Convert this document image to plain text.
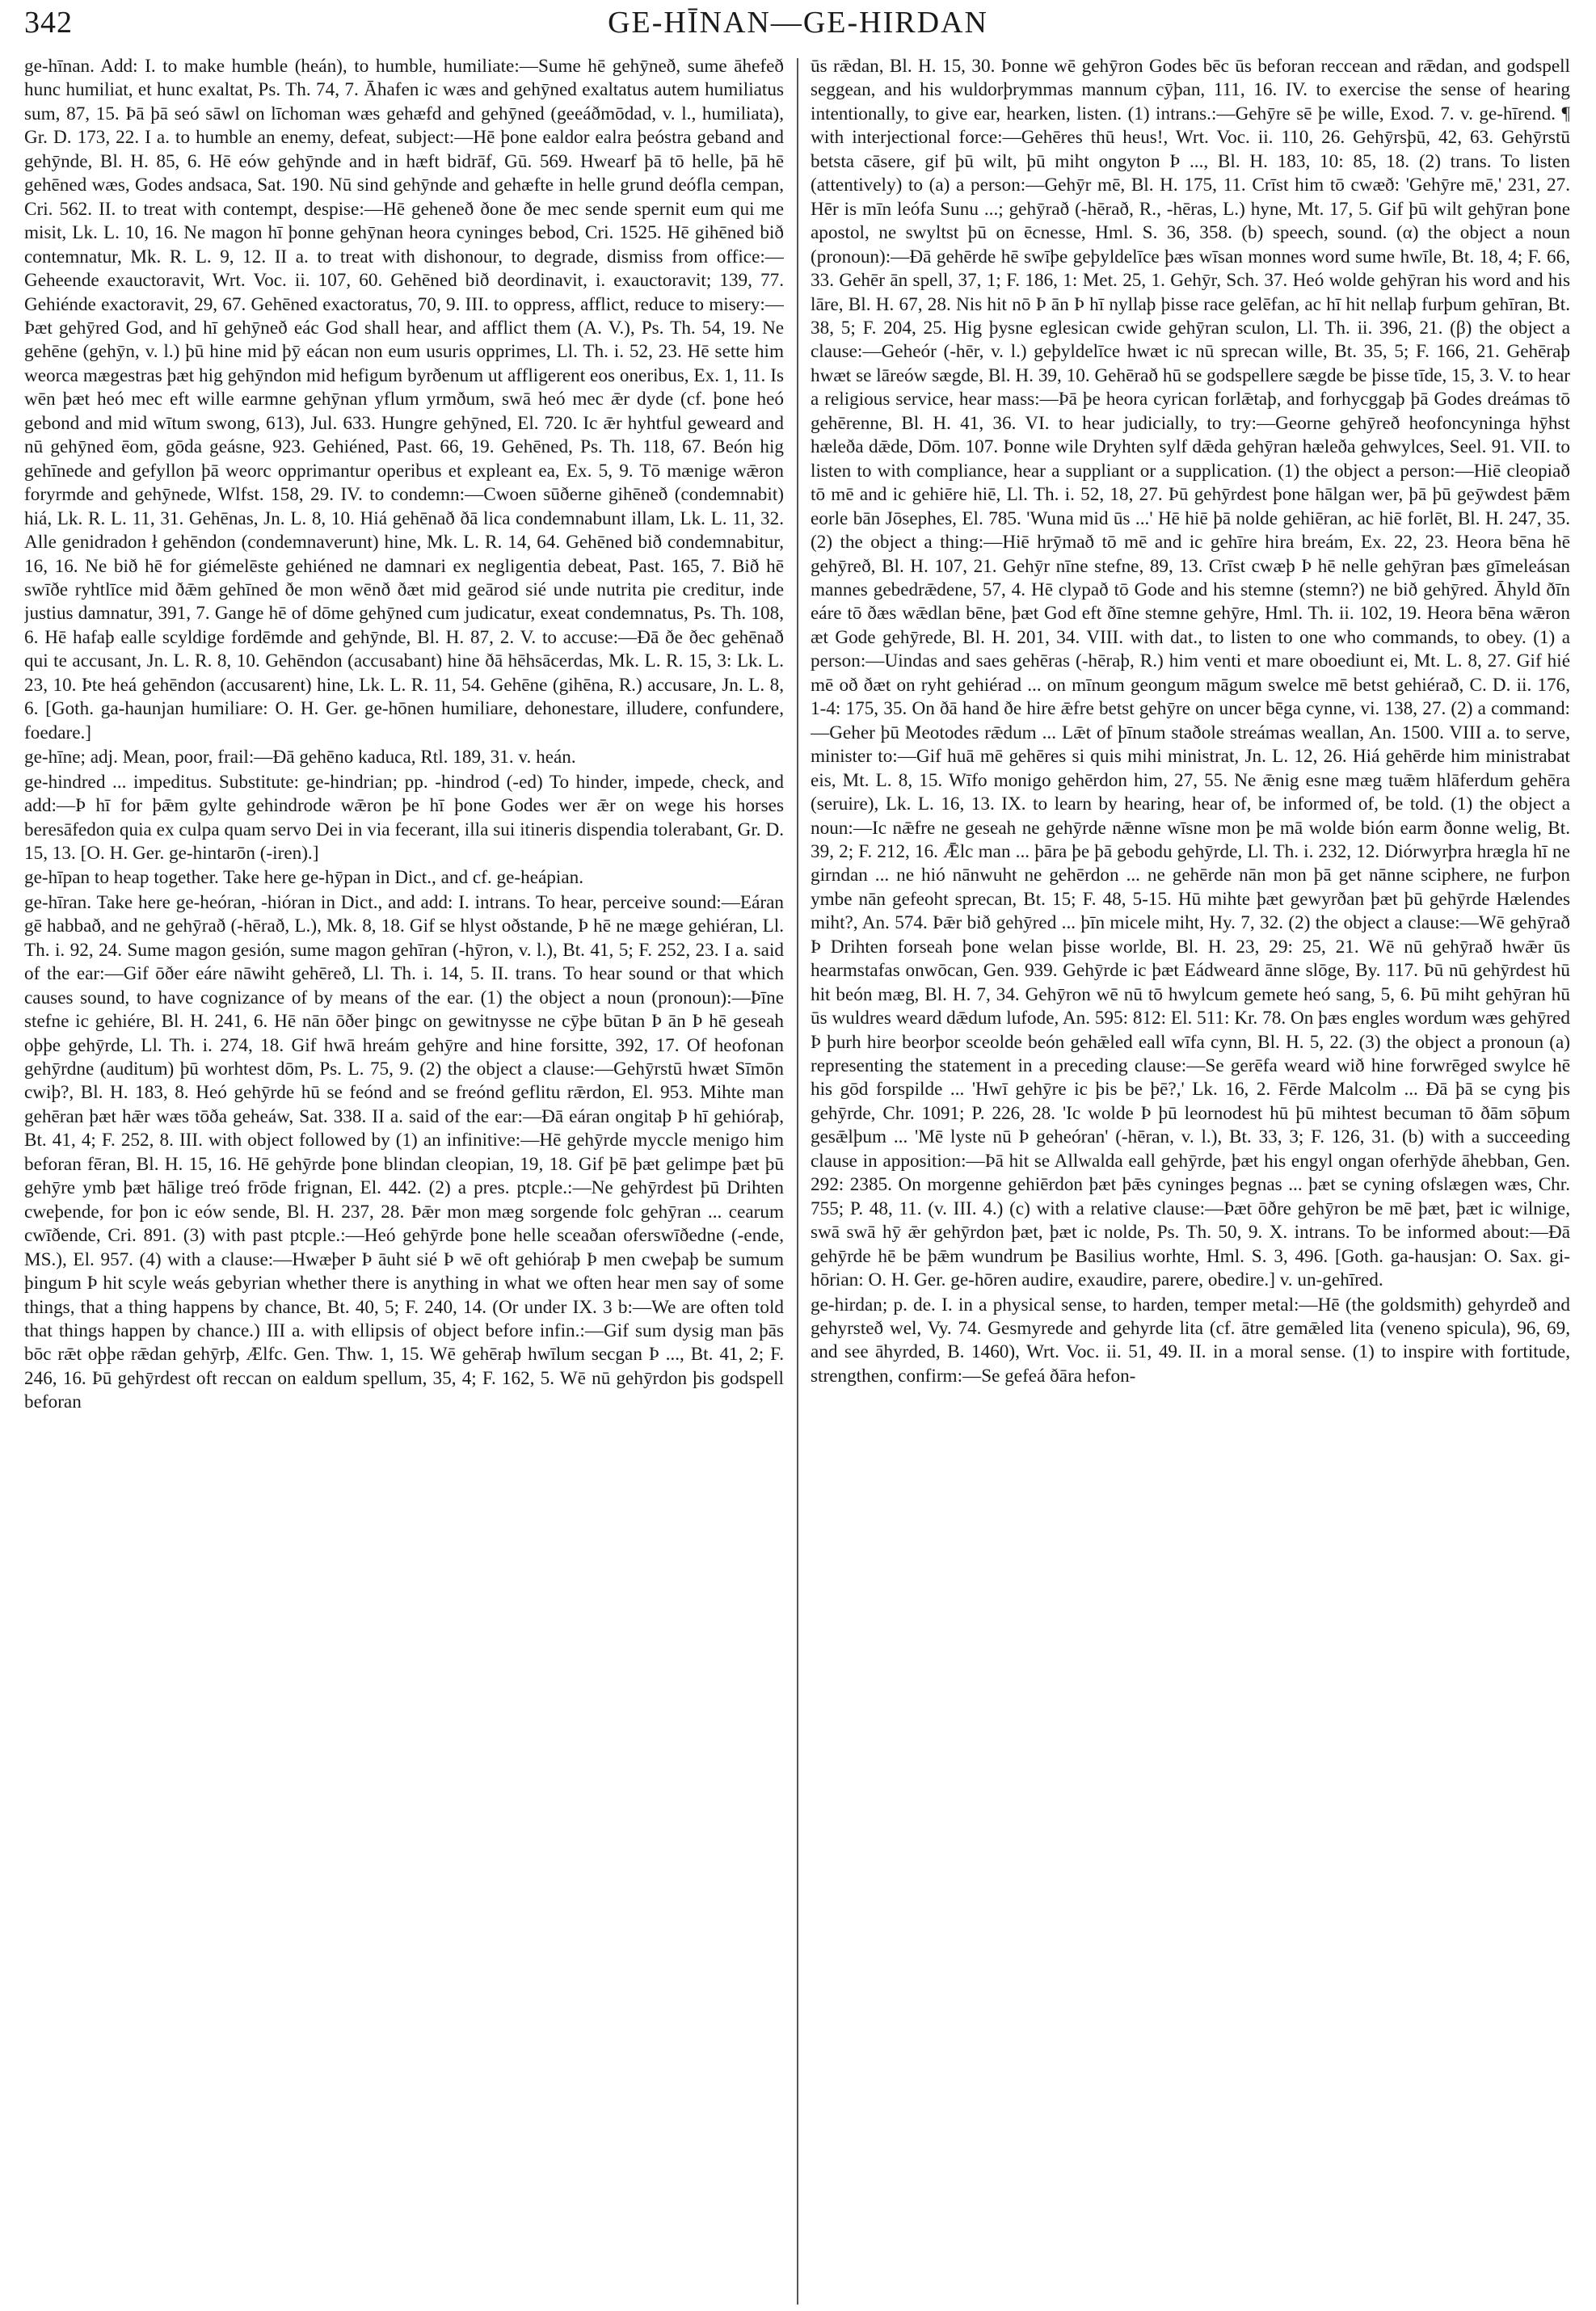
342	GE-HĪNAN—GE-HIRDAN

ge-hīnan. Add: I. to make humble (heán), to humble, humiliate:—Sume hē gehȳneð, sume āhefeð hunc humiliat, et hunc exaltat, Ps. Th. 74, 7. Āhafen ic wæs and gehȳned exaltatus autem humiliatus sum, 87, 15. Þā þā seó sāwl on līchoman wæs gehæfd and gehȳned (geeáðmōdad, v. l., humiliata), Gr. D. 173, 22. I a. to humble an enemy, defeat, subject:—Hē þone ealdor ealra þeóstra geband and gehȳnde, Bl. H. 85, 6. Hē eów gehȳnde and in hæft bidrāf, Gū. 569. Hwearf þā tō helle, þā hē gehēned wæs, Godes andsaca, Sat. 190. Nū sind gehȳnde and gehæfte in helle grund deófla cempan, Cri. 562. II. to treat with contempt, despise:—Hē geheneð ðone ðe mec sende spernit eum qui me misit, Lk. L. 10, 16. Ne magon hī þonne gehȳnan heora cyninges bebod, Cri. 1525. Hē gihēned bið contemnatur, Mk. R. L. 9, 12. II a. to treat with dishonour, to degrade, dismiss from office:—Geheende exauctoravit, Wrt. Voc. ii. 107, 60. Gehēned bið deordinavit, i. exauctoravit; 139, 77. Gehiénde exactoravit, 29, 67. Gehēned exactoratus, 70, 9. III. to oppress, afflict, reduce to misery:—Þæt gehȳred God, and hī gehȳneð eác God shall hear, and afflict them (A. V.), Ps. Th. 54, 19. Ne gehēne (gehȳn, v. l.) þū hine mid þȳ eácan non eum usuris opprimes, Ll. Th. i. 52, 23. Hē sette him weorca mægestras þæt hig gehȳndon mid hefigum byrðenum ut affligerent eos oneribus, Ex. 1, 11. Is wēn þæt heó mec eft wille earmne gehȳnan yflum yrmðum, swā heó mec ǣr dyde (cf. þone heó gebond and mid wītum swong, 613), Jul. 633. Hungre gehȳned, El. 720. Ic ǣr hyhtful geweard and nū gehȳned ēom, gōda geásne, 923. Gehiéned, Past. 66, 19. Gehēned, Ps. Th. 118, 67. Beón hig gehīnede and gefyllon þā weorc opprimantur operibus et expleant ea, Ex. 5, 9. Tō mænige wǣron foryrmde and gehȳnede, Wlfst. 158, 29. IV. to condemn:—Cwoen sūðerne gihēneð (condemnabit) hiá, Lk. R. L. 11, 31. Gehēnas, Jn. L. 8, 10. Hiá gehēnað ðā lica condemnabunt illam, Lk. L. 11, 32. Alle genidradon ł gehēndon (condemnaverunt) hine, Mk. L. R. 14, 64. Gehēned bið condemnabitur, 16, 16. Ne bið hē for giémelēste gehiéned ne damnari ex negligentia debeat, Past. 165, 7. Bið hē swīðe ryhtlīce mid ðǣm gehīned ðe mon wēnð ðæt mid geārod sié unde nutrita pie creditur, inde justius damnatur, 391, 7. Gange hē of dōme gehȳned cum judicatur, exeat condemnatus, Ps. Th. 108, 6. Hē hafaþ ealle scyldige fordēmde and gehȳnde, Bl. H. 87, 2. V. to accuse:—Ðā ðe ðec gehēnað qui te accusant, Jn. L. R. 8, 10. Gehēndon (accusabant) hine ðā hēhsācerdas, Mk. L. R. 15, 3: Lk. L. 23, 10. Þte heá gehēndon (accusarent) hine, Lk. L. R. 11, 54. Gehēne (gihēna, R.) accusare, Jn. L. 8, 6. [Goth. ga-haunjan humiliare: O. H. Ger. ge-hōnen humiliare, dehonestare, illudere, confundere, foedare.]

ge-hīne; adj. Mean, poor, frail:—Ðā gehēno kaduca, Rtl. 189, 31. v. heán.

ge-hindred ... impeditus. Substitute: ge-hindrian; pp. -hindrod (-ed) To hinder, impede, check, and add:—Þ hī for þǣm gylte gehindrode wǣron þe hī þone Godes wer ǣr on wege his horses beresāfedon quia ex culpa quam servo Dei in via fecerant, illa sui itineris dispendia tolerabant, Gr. D. 15, 13. [O. H. Ger. ge-hintarōn (-iren).]

ge-hīpan to heap together. Take here ge-hȳpan in Dict., and cf. ge-heápian.

ge-hīran. Take here ge-heóran, -hióran in Dict., and add: I. intrans. To hear, perceive sound:—Eáran gē habbað, and ne gehȳrað (-hērað, L.), Mk. 8, 18. Gif se hlyst oðstande, Þ hē ne mæge gehiéran, Ll. Th. i. 92, 24. Sume magon gesión, sume magon gehīran (-hȳron, v. l.), Bt. 41, 5; F. 252, 23. I a. said of the ear:—Gif ōðer eáre nāwiht gehēreð, Ll. Th. i. 14, 5. II. trans. To hear sound or that which causes sound, to have cognizance of by means of the ear. (1) the object a noun (pronoun):—Þīne stefne ic gehiére, Bl. H. 241, 6. Hē nān ōðer þingc on gewitnysse ne cȳþe būtan Þ ān Þ hē geseah oþþe gehȳrde, Ll. Th. i. 274, 18. Gif hwā hreám gehȳre and hine forsitte, 392, 17. Of heofonan gehȳrdne (auditum) þū worhtest dōm, Ps. L. 75, 9. (2) the object a clause:—Gehȳrstū hwæt Sīmōn cwiþ?, Bl. H. 183, 8. Heó gehȳrde hū se feónd and se freónd geflitu rǣrdon, El. 953. Mihte man gehēran þæt hǣr wæs tōða geheáw, Sat. 338. II a. said of the ear:—Ðā eáran ongitaþ Þ hī gehióraþ, Bt. 41, 4; F. 252, 8. III. with object followed by (1) an infinitive:—Hē gehȳrde myccle menigo him beforan fēran, Bl. H. 15, 16. Hē gehȳrde þone blindan cleopian, 19, 18. Gif þē þæt gelimpe þæt þū gehȳre ymb þæt hālige treó frōde frignan, El. 442. (2) a pres. ptcple.:—Ne gehȳrdest þū Drihten cweþende, for þon ic eów sende, Bl. H. 237, 28. Þǣr mon mæg sorgende folc gehȳran ... cearum cwīðende, Cri. 891. (3) with past ptcple.:—Heó gehȳrde þone helle sceaðan oferswīðedne (-ende, MS.), El. 957. (4) with a clause:—Hwæþer Þ āuht sié Þ wē oft gehióraþ Þ men cweþaþ be sumum þingum Þ hit scyle weás gebyrian whether there is anything in what we often hear men say of some things, that a thing happens by chance, Bt. 40, 5; F. 240, 14. (Or under IX. 3 b:—We are often told that things happen by chance.) III a. with ellipsis of object before infin.:—Gif sum dysig man þās bōc rǣt oþþe rǣdan gehȳrþ, Ælfc. Gen. Thw. 1, 15. Wē gehēraþ hwīlum secgan Þ ..., Bt. 41, 2; F. 246, 16. Þū gehȳrdest oft reccan on ealdum spellum, 35, 4; F. 162, 5. Wē nū gehȳrdon þis godspell beforan

ūs rǣdan, Bl. H. 15, 30. Þonne wē gehȳron Godes bēc ūs beforan reccean and rǣdan, and godspell seggean, and his wuldorþrymmas mannum cȳþan, 111, 16. IV. to exercise the sense of hearing intentionally, to give ear, hearken, listen. (1) intrans.:—Gehȳre sē þe wille, Exod. 7. v. ge-hīrend. ¶ with interjectional force:—Gehēres thū heus!, Wrt. Voc. ii. 110, 26. Gehȳrsþū, 42, 63. Gehȳrstū betsta cāsere, gif þū wilt, þū miht ongyton Þ ..., Bl. H. 183, 10: 85, 18. (2) trans. To listen (attentively) to (a) a person:—Gehȳr mē, Bl. H. 175, 11. Crīst him tō cwæð: 'Gehȳre mē,' 231, 27. Hēr is mīn leófa Sunu ...; gehȳrað (-hērað, R., -hēras, L.) hyne, Mt. 17, 5. Gif þū wilt gehȳran þone apostol, ne swyltst þū on ēcnesse, Hml. S. 36, 358. (b) speech, sound. (α) the object a noun (pronoun):—Ðā gehērde hē swīþe geþyldelīce þæs wīsan monnes word sume hwīle, Bt. 18, 4; F. 66, 33. Gehēr ān spell, 37, 1; F. 186, 1: Met. 25, 1. Gehȳr, Sch. 37. Heó wolde gehȳran his word and his lāre, Bl. H. 67, 28. Nis hit nō Þ ān Þ hī nyllaþ þisse race gelēfan, ac hī hit nellaþ furþum gehīran, Bt. 38, 5; F. 204, 25. Hig þysne eglesican cwide gehȳran sculon, Ll. Th. ii. 396, 21. (β) the object a clause:—Geheór (-hēr, v. l.) geþyldelīce hwæt ic nū sprecan wille, Bt. 35, 5; F. 166, 21. Gehēraþ hwæt se lāreów sægde, Bl. H. 39, 10. Gehērað hū se godspellere sægde be þisse tīde, 15, 3. V. to hear a religious service, hear mass:—Þā þe heora cyrican forlǣtaþ, and forhycggaþ þā Godes dreámas tō gehērenne, Bl. H. 41, 36. VI. to hear judicially, to try:—Georne gehȳreð heofoncyninga hȳhst hæleða dǣde, Dōm. 107. Þonne wile Dryhten sylf dǣda gehȳran hæleða gehwylces, Seel. 91. VII. to listen to with compliance, hear a suppliant or a supplication. (1) the object a person:—Hiē cleopiað tō mē and ic gehiēre hiē, Ll. Th. i. 52, 18, 27. Þū gehȳrdest þone hālgan wer, þā þū geȳwdest þǣm eorle bān Jōsephes, El. 785. 'Wuna mid ūs ...' Hē hiē þā nolde gehiēran, ac hiē forlēt, Bl. H. 247, 35. (2) the object a thing:—Hiē hrȳmað tō mē and ic gehīre hira breám, Ex. 22, 23. Heora bēna hē gehȳreð, Bl. H. 107, 21. Gehȳr nīne stefne, 89, 13. Crīst cwæþ Þ hē nelle gehȳran þæs gīmeleásan mannes gebedrǣdene, 57, 4. Hē clypað tō Gode and his stemne (stemn?) ne bið gehȳred. Āhyld ðīn eáre tō ðæs wǣdlan bēne, þæt God eft ðīne stemne gehȳre, Hml. Th. ii. 102, 19. Heora bēna wǣron æt Gode gehȳrede, Bl. H. 201, 34. VIII. with dat., to listen to one who commands, to obey. (1) a person:—Uindas and saes gehēras (-hēraþ, R.) him venti et mare oboediunt ei, Mt. L. 8, 27. Gif hié mē oð ðæt on ryht gehiérad ... on mīnum geongum māgum swelce mē betst gehiérað, C. D. ii. 176, 1-4: 175, 35. On ðā hand ðe hire ǣfre betst gehȳre on uncer bēga cynne, vi. 138, 27. (2) a command:—Geher þū Meotodes rǣdum ... Lǣt of þīnum staðole streámas weallan, An. 1500. VIII a. to serve, minister to:—Gif huā mē gehēres si quis mihi ministrat, Jn. L. 12, 26. Hiá gehērde him ministrabat eis, Mt. L. 8, 15. Wīfo monigo gehērdon him, 27, 55. Ne ǣnig esne mæg tuǣm hlāferdum gehēra (seruire), Lk. L. 16, 13. IX. to learn by hearing, hear of, be informed of, be told. (1) the object a noun:—Ic nǣfre ne geseah ne gehȳrde nǣnne wīsne mon þe mā wolde bión earm ðonne welig, Bt. 39, 2; F. 212, 16. Ǣlc man ... þāra þe þā gebodu gehȳrde, Ll. Th. i. 232, 12. Diórwyrþra hrægla hī ne girndan ... ne hió nānwuht ne gehērdon ... ne gehērde nān mon þā get nānne sciphere, ne furþon ymbe nān gefeoht sprecan, Bt. 15; F. 48, 5-15. Hū mihte þæt gewyrðan þæt þū gehȳrde Hælendes miht?, An. 574. Þǣr bið gehȳred ... þīn micele miht, Hy. 7, 32. (2) the object a clause:—Wē gehȳrað Þ Drihten forseah þone welan þisse worlde, Bl. H. 23, 29: 25, 21. Wē nū gehȳrað hwǣr ūs hearmstafas onwōcan, Gen. 939. Gehȳrde ic þæt Eádweard ānne slōge, By. 117. Þū nū gehȳrdest hū hit beón mæg, Bl. H. 7, 34. Gehȳron wē nū tō hwylcum gemete heó sang, 5, 6. Þū miht gehȳran hū ūs wuldres weard dǣdum lufode, An. 595: 812: El. 511: Kr. 78. On þæs engles wordum wæs gehȳred Þ þurh hire beorþor sceolde beón gehǣled eall wīfa cynn, Bl. H. 5, 22. (3) the object a pronoun (a) representing the statement in a preceding clause:—Se gerēfa weard wið hine forwrēged swylce hē his gōd forspilde ... 'Hwī gehȳre ic þis be þē?,' Lk. 16, 2. Fērde Malcolm ... Ðā þā se cyng þis gehȳrde, Chr. 1091; P. 226, 28. 'Ic wolde Þ þū leornodest hū þū mihtest becuman tō ðām sōþum gesǣlþum ... 'Mē lyste nū Þ geheóran' (-hēran, v. l.), Bt. 33, 3; F. 126, 31. (b) with a succeeding clause in apposition:—Þā hit se Allwalda eall gehȳrde, þæt his engyl ongan oferhȳde āhebban, Gen. 292: 2385. On morgenne gehiērdon þæt þǣs cyninges þegnas ... þæt se cyning ofslægen wæs, Chr. 755; P. 48, 11. (v. III. 4.) (c) with a relative clause:—Þæt ōðre gehȳron be mē þæt, þæt ic wilnige, swā swā hȳ ǣr gehȳrdon þæt, þæt ic nolde, Ps. Th. 50, 9. X. intrans. To be informed about:—Ðā gehȳrde hē be þǣm wundrum þe Basilius worhte, Hml. S. 3, 496. [Goth. ga-hausjan: O. Sax. gi-hōrian: O. H. Ger. ge-hōren audire, exaudire, parere, obedire.] v. un-gehīred.

ge-hirdan; p. de. I. in a physical sense, to harden, temper metal:—Hē (the goldsmith) gehyrdeð and gehyrsteð wel, Vy. 74. Gesmyrede and gehyrde lita (cf. ātre gemǣled lita (veneno spicula), 96, 69, and see āhyrded, B. 1460), Wrt. Voc. ii. 51, 49. II. in a moral sense. (1) to inspire with fortitude, strengthen, confirm:—Se gefeá ðāra hefon-
